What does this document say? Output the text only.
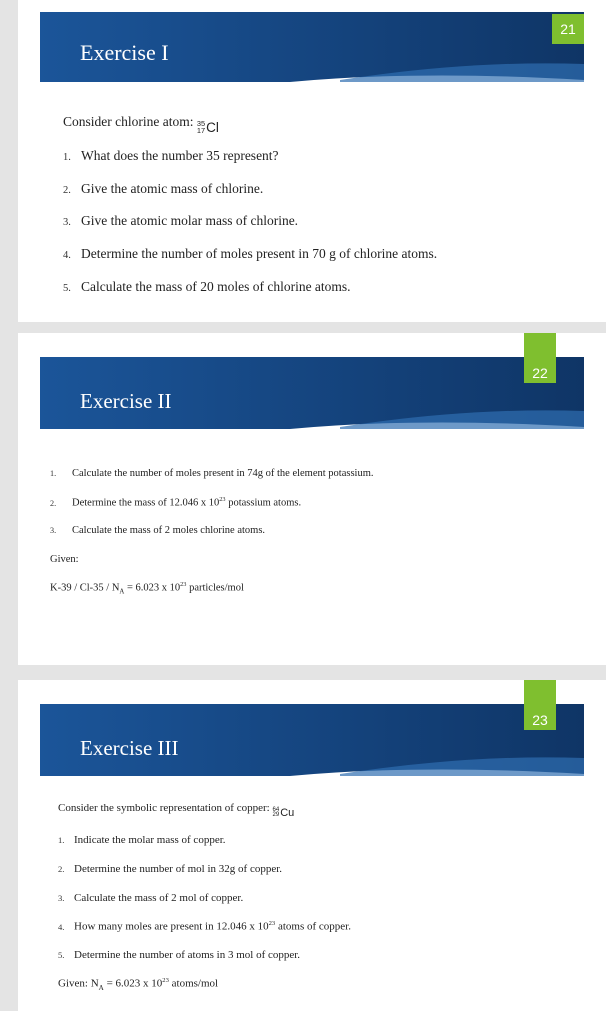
Exercise I
21
Consider chlorine atom: 35
17 Cl
1. What does the number 35 represent?
2. Give the atomic mass of chlorine.
3. Give the atomic molar mass of chlorine.
4. Determine the number of moles present in 70 g of chlorine atoms.
5. Calculate the mass of 20 moles of chlorine atoms.
Exercise II
22
1. Calculate the number of moles present in 74g of the element potassium.
2. Determine the mass of 12.046 x $10^{23}$ potassium atoms.
3. Calculate the mass of 2 moles chlorine atoms.
Given:
$K-39 / Cl-35 / N_A = 6.023$ x $10^{23}$ particles/mol
Exercise III
23
Consider the symbolic representation of copper: 64
29 Cu
1. Indicate the molar mass of copper.
2. Determine the number of mol in 32g of copper.
3. Calculate the mass of 2 mol of copper.
4. How many moles are present in 12.046 x $10^{23}$ atoms of copper.
5. Determine the number of atoms in 3 mol of copper.
Given: $N_A = 6.023$ x $10^{23}$ atoms/mol
